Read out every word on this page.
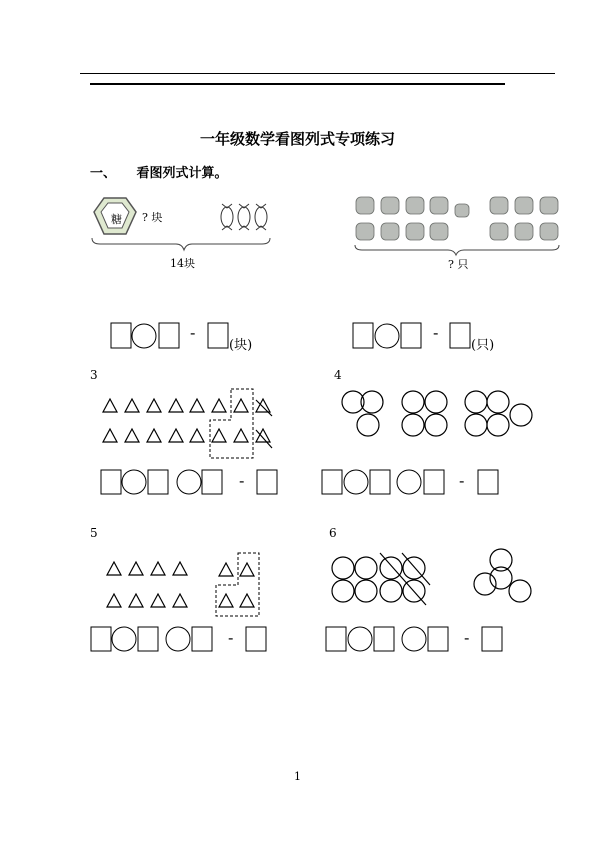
一年级数学看图列式专项练习
一、 看图列式计算。
糖 ? 块
14块	? 只
-
(块)
-
(只)
3	4
-	-
5	6
-	-
1
